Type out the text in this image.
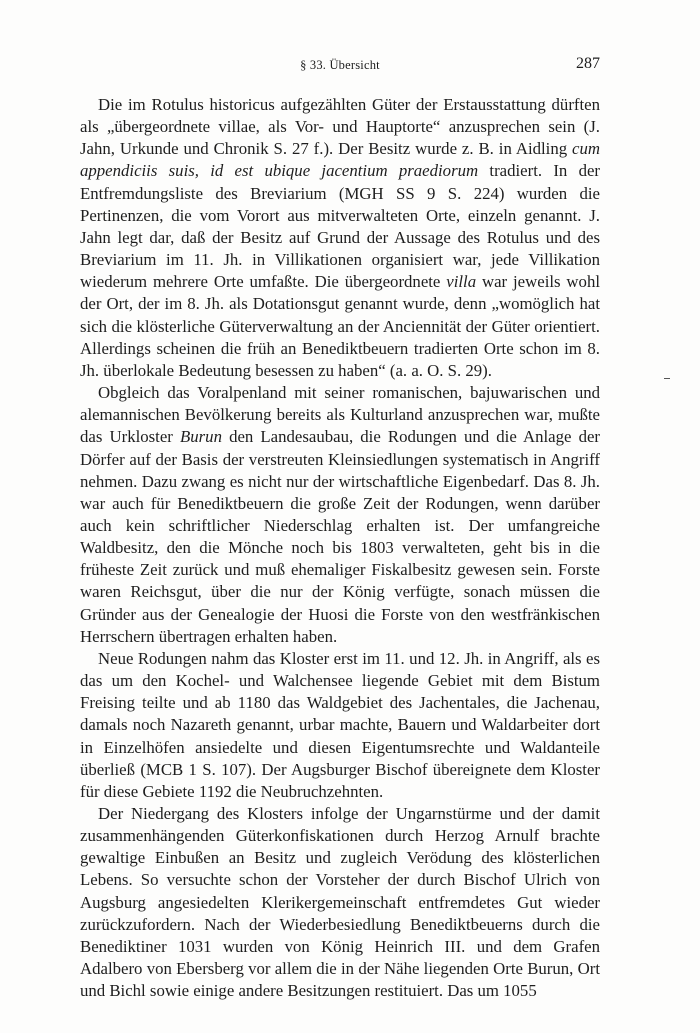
§ 33. Übersicht	287

Die im Rotulus historicus aufgezählten Güter der Erstausstattung dürften als „übergeordnete villae, als Vor- und Hauptorte“ anzusprechen sein (J. Jahn, Urkunde und Chronik S. 27 f.). Der Besitz wurde z. B. in Aidling cum appendiciis suis, id est ubique jacentium praediorum tradiert. In der Entfremdungsliste des Breviarium (MGH SS 9 S. 224) wurden die Pertinenzen, die vom Vorort aus mitverwalteten Orte, einzeln genannt. J. Jahn legt dar, daß der Besitz auf Grund der Aussage des Rotulus und des Breviarium im 11. Jh. in Villikationen organisiert war, jede Villikation wiederum mehrere Orte umfaßte. Die übergeordnete villa war jeweils wohl der Ort, der im 8. Jh. als Dotationsgut genannt wurde, denn „womöglich hat sich die klösterliche Güterverwaltung an der Anciennität der Güter orientiert. Allerdings scheinen die früh an Benediktbeuern tradierten Orte schon im 8. Jh. überlokale Bedeutung besessen zu haben“ (a. a. O. S. 29).

Obgleich das Voralpenland mit seiner romanischen, bajuwarischen und alemannischen Bevölkerung bereits als Kulturland anzusprechen war, mußte das Urkloster Burun den Landesaubau, die Rodungen und die Anlage der Dörfer auf der Basis der verstreuten Kleinsiedlungen systematisch in Angriff nehmen. Dazu zwang es nicht nur der wirtschaftliche Eigenbedarf. Das 8. Jh. war auch für Benediktbeuern die große Zeit der Rodungen, wenn darüber auch kein schriftlicher Niederschlag erhalten ist. Der umfangreiche Waldbesitz, den die Mönche noch bis 1803 verwalteten, geht bis in die früheste Zeit zurück und muß ehemaliger Fiskalbesitz gewesen sein. Forste waren Reichsgut, über die nur der König verfügte, sonach müssen die Gründer aus der Genealogie der Huosi die Forste von den westfränkischen Herrschern übertragen erhalten haben.

Neue Rodungen nahm das Kloster erst im 11. und 12. Jh. in Angriff, als es das um den Kochel- und Walchensee liegende Gebiet mit dem Bistum Freising teilte und ab 1180 das Waldgebiet des Jachentales, die Jachenau, damals noch Nazareth genannt, urbar machte, Bauern und Waldarbeiter dort in Einzelhöfen ansiedelte und diesen Eigentumsrechte und Waldanteile überließ (MCB 1 S. 107). Der Augsburger Bischof übereignete dem Kloster für diese Gebiete 1192 die Neubruchzehnten.

Der Niedergang des Klosters infolge der Ungarnstürme und der damit zusammenhängenden Güterkonfiskationen durch Herzog Arnulf brachte gewaltige Einbußen an Besitz und zugleich Verödung des klösterlichen Lebens. So versuchte schon der Vorsteher der durch Bischof Ulrich von Augsburg angesiedelten Klerikergemeinschaft entfremdetes Gut wieder zurückzufordern. Nach der Wiederbesiedlung Benediktbeuerns durch die Benediktiner 1031 wurden von König Heinrich III. und dem Grafen Adalbero von Ebersberg vor allem die in der Nähe liegenden Orte Burun, Ort und Bichl sowie einige andere Besitzungen restituiert. Das um 1055
